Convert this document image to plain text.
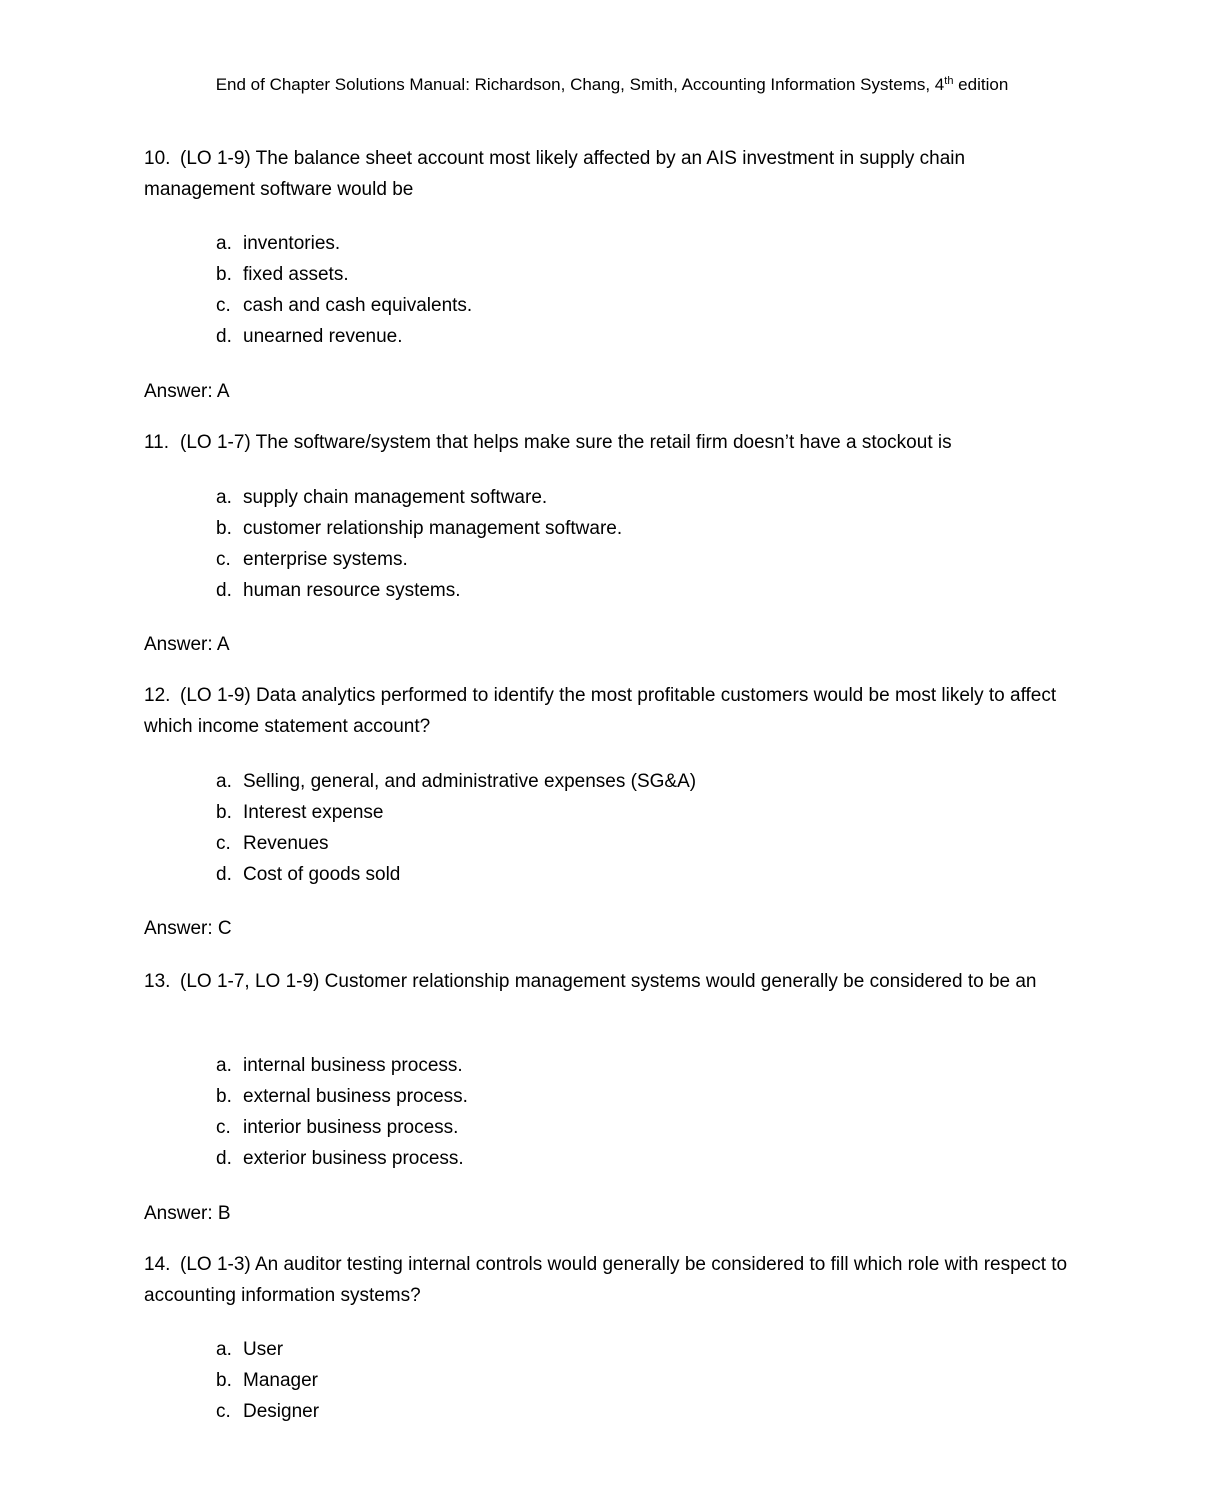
End of Chapter Solutions Manual: Richardson, Chang, Smith, Accounting Information Systems, 4th edition
10. (LO 1-9) The balance sheet account most likely affected by an AIS investment in supply chain management software would be
a. inventories.
b. fixed assets.
c. cash and cash equivalents.
d. unearned revenue.
Answer: A
11. (LO 1-7) The software/system that helps make sure the retail firm doesn’t have a stockout is
a. supply chain management software.
b. customer relationship management software.
c. enterprise systems.
d. human resource systems.
Answer: A
12. (LO 1-9) Data analytics performed to identify the most profitable customers would be most likely to affect which income statement account?
a. Selling, general, and administrative expenses (SG&A)
b. Interest expense
c. Revenues
d. Cost of goods sold
Answer: C
13. (LO 1-7, LO 1-9) Customer relationship management systems would generally be considered to be an
a. internal business process.
b. external business process.
c. interior business process.
d. exterior business process.
Answer: B
14. (LO 1-3) An auditor testing internal controls would generally be considered to fill which role with respect to accounting information systems?
a. User
b. Manager
c. Designer
